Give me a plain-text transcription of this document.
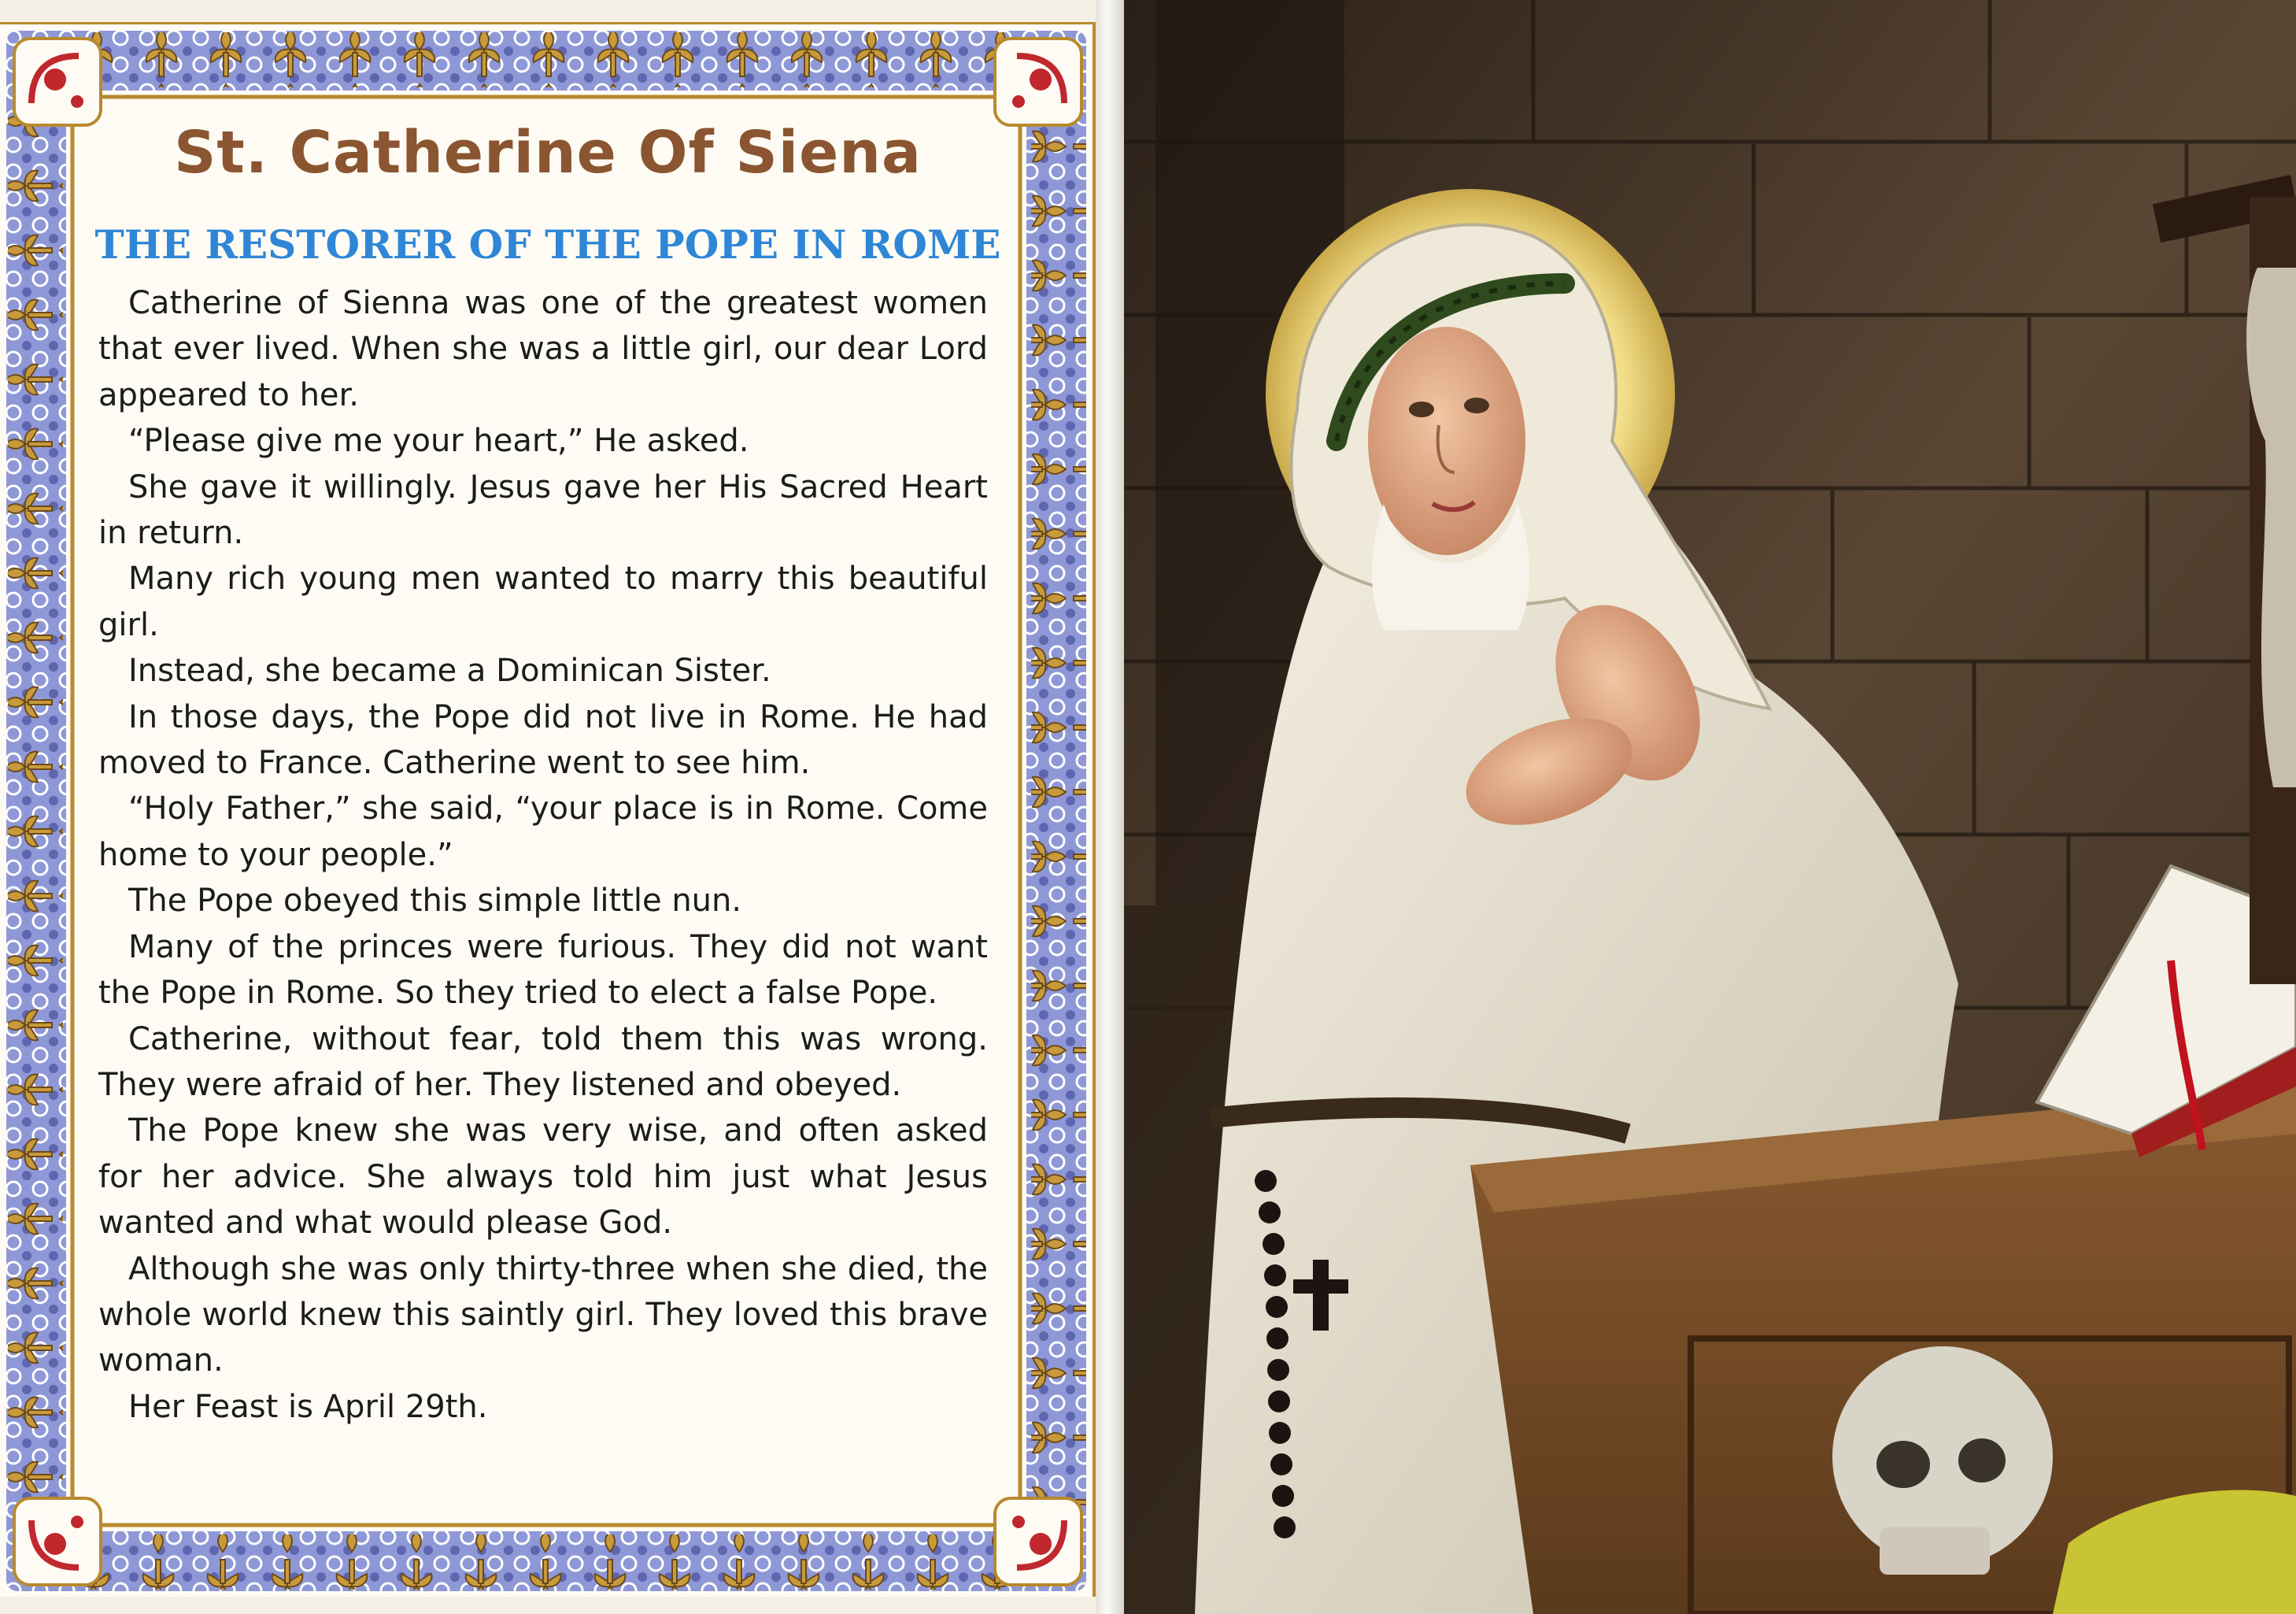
St. Catherine Of Siena
THE RESTORER OF THE POPE IN ROME

Catherine of Sienna was one of the greatest women that ever lived. When she was a little girl, our dear Lord appeared to her.

“Please give me your heart,” He asked.

She gave it willingly. Jesus gave her His Sacred Heart in return.

Many rich young men wanted to marry this beautiful girl.

Instead, she became a Dominican Sister.

In those days, the Pope did not live in Rome. He had moved to France. Catherine went to see him.

“Holy Father,” she said, “your place is in Rome. Come home to your people.”

The Pope obeyed this simple little nun.

Many of the princes were furious. They did not want the Pope in Rome. So they tried to elect a false Pope.

Catherine, without fear, told them this was wrong. They were afraid of her. They listened and obeyed.

The Pope knew she was very wise, and often asked for her advice. She always told him just what Jesus wanted and what would please God.

Although she was only thirty-three when she died, the whole world knew this saintly girl. They loved this brave woman.

Her Feast is April 29th.
